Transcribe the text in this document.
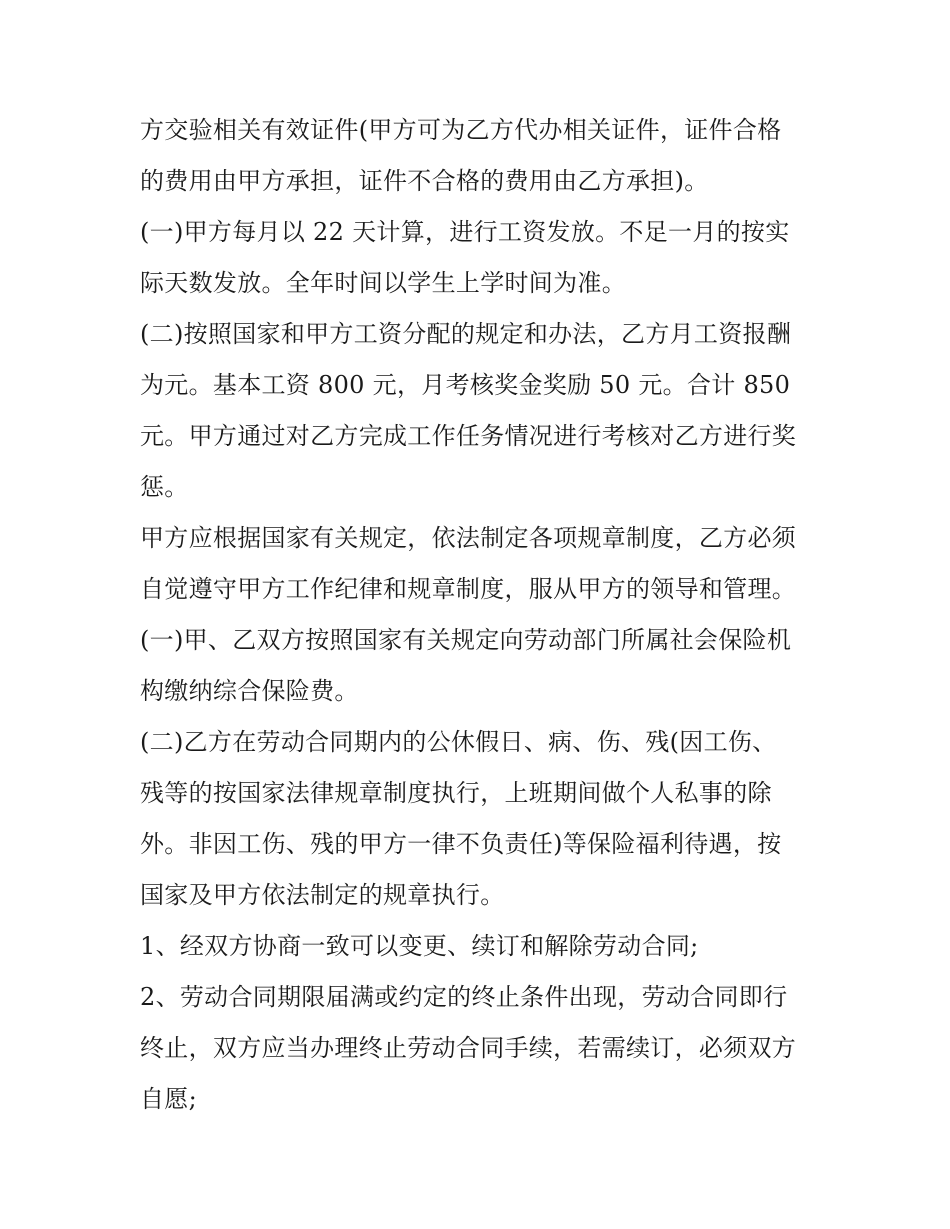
方交验相关有效证件(甲方可为乙方代办相关证件，证件合格
的费用由甲方承担，证件不合格的费用由乙方承担)。
(一)甲方每月以 22 天计算，进行工资发放。不足一月的按实
际天数发放。全年时间以学生上学时间为准。
(二)按照国家和甲方工资分配的规定和办法，乙方月工资报酬
为元。基本工资 800 元，月考核奖金奖励 50 元。合计 850
元。甲方通过对乙方完成工作任务情况进行考核对乙方进行奖
惩。
甲方应根据国家有关规定，依法制定各项规章制度，乙方必须
自觉遵守甲方工作纪律和规章制度，服从甲方的领导和管理。
(一)甲、乙双方按照国家有关规定向劳动部门所属社会保险机
构缴纳综合保险费。
(二)乙方在劳动合同期内的公休假日、病、伤、残(因工伤、
残等的按国家法律规章制度执行，上班期间做个人私事的除
外。非因工伤、残的甲方一律不负责任)等保险福利待遇，按
国家及甲方依法制定的规章执行。
1、经双方协商一致可以变更、续订和解除劳动合同;
2、劳动合同期限届满或约定的终止条件出现，劳动合同即行
终止，双方应当办理终止劳动合同手续，若需续订，必须双方
自愿;
